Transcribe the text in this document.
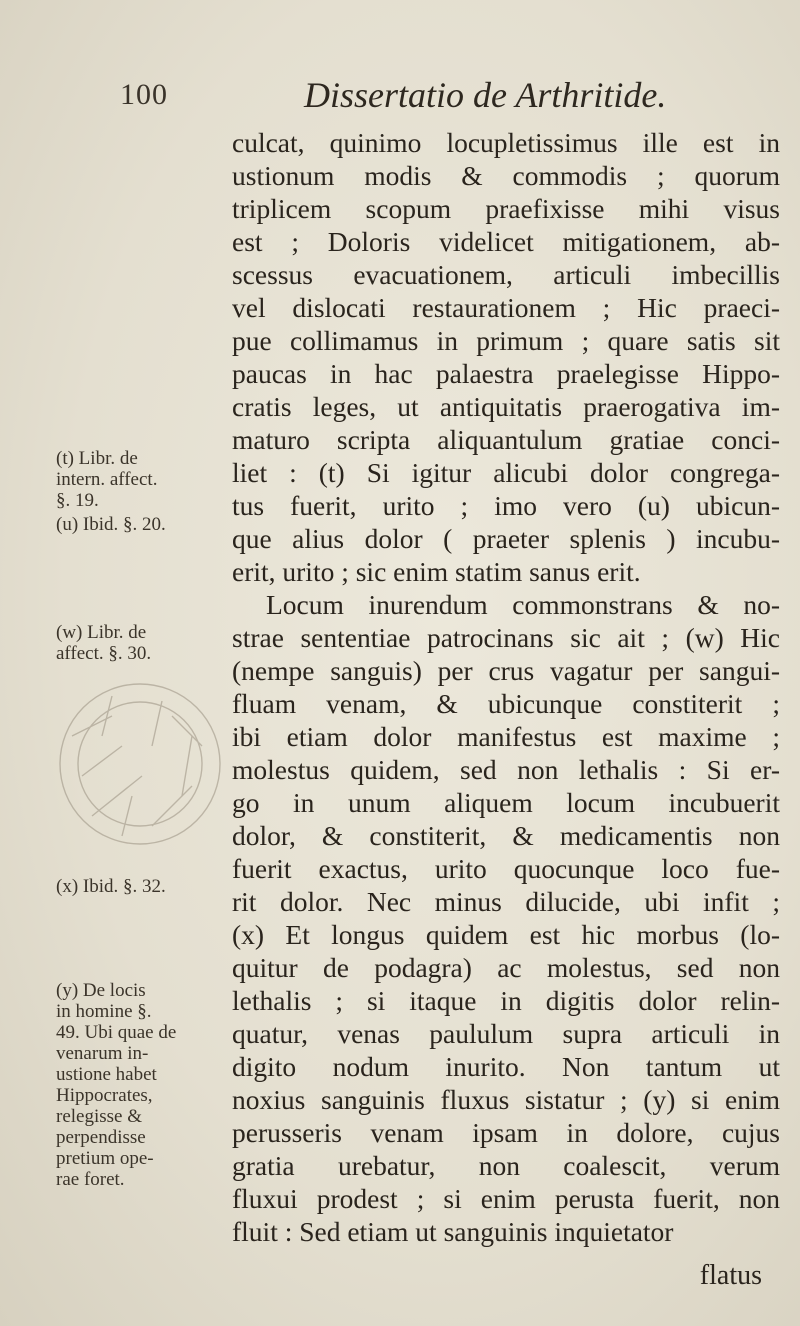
100	Dissertatio de Arthritide.
culcat, quinimo locupletissimus ille est in
ustionum modis & commodis ; quorum
triplicem scopum praefixisse mihi visus
est ; Doloris videlicet mitigationem, ab-
scessus evacuationem, articuli imbecillis
vel dislocati restaurationem ; Hic praeci-
pue collimamus in primum ; quare satis sit
paucas in hac palaestra praelegisse Hippo-
cratis leges, ut antiquitatis praerogativa im-
maturo scripta aliquantulum gratiae conci-
liet : (t) Si igitur alicubi dolor congrega-
tus fuerit, urito ; imo vero (u) ubicun-
que alius dolor ( praeter splenis ) incubu-
erit, urito ; sic enim statim sanus erit.
Locum inurendum commonstrans & no-
strae sententiae patrocinans sic ait ; (w) Hic
(nempe sanguis) per crus vagatur per sangui-
fluam venam, & ubicunque constiterit ;
ibi etiam dolor manifestus est maxime ;
molestus quidem, sed non lethalis : Si er-
go in unum aliquem locum incubuerit
dolor, & constiterit, & medicamentis non
fuerit exactus, urito quocunque loco fue-
rit dolor. Nec minus dilucide, ubi infit ;
(x) Et longus quidem est hic morbus (lo-
quitur de podagra) ac molestus, sed non
lethalis ; si itaque in digitis dolor relin-
quatur, venas paululum supra articuli in
digito nodum inurito. Non tantum ut
noxius sanguinis fluxus sistatur ; (y) si enim
perusseris venam ipsam in dolore, cujus
gratia urebatur, non coalescit, verum
fluxui prodest ; si enim perusta fuerit, non
fluit : Sed etiam ut sanguinis inquietator
flatus
(t) Libr. de
intern. affect.
§. 19.
(u) Ibid. §. 20.
(w) Libr. de
affect. §. 30.
(x) Ibid. §. 32.
(y) De locis
in homine §.
49. Ubi quae de
venarum in-
ustione habet
Hippocrates,
relegisse &
perpendisse
pretium ope-
rae foret.
